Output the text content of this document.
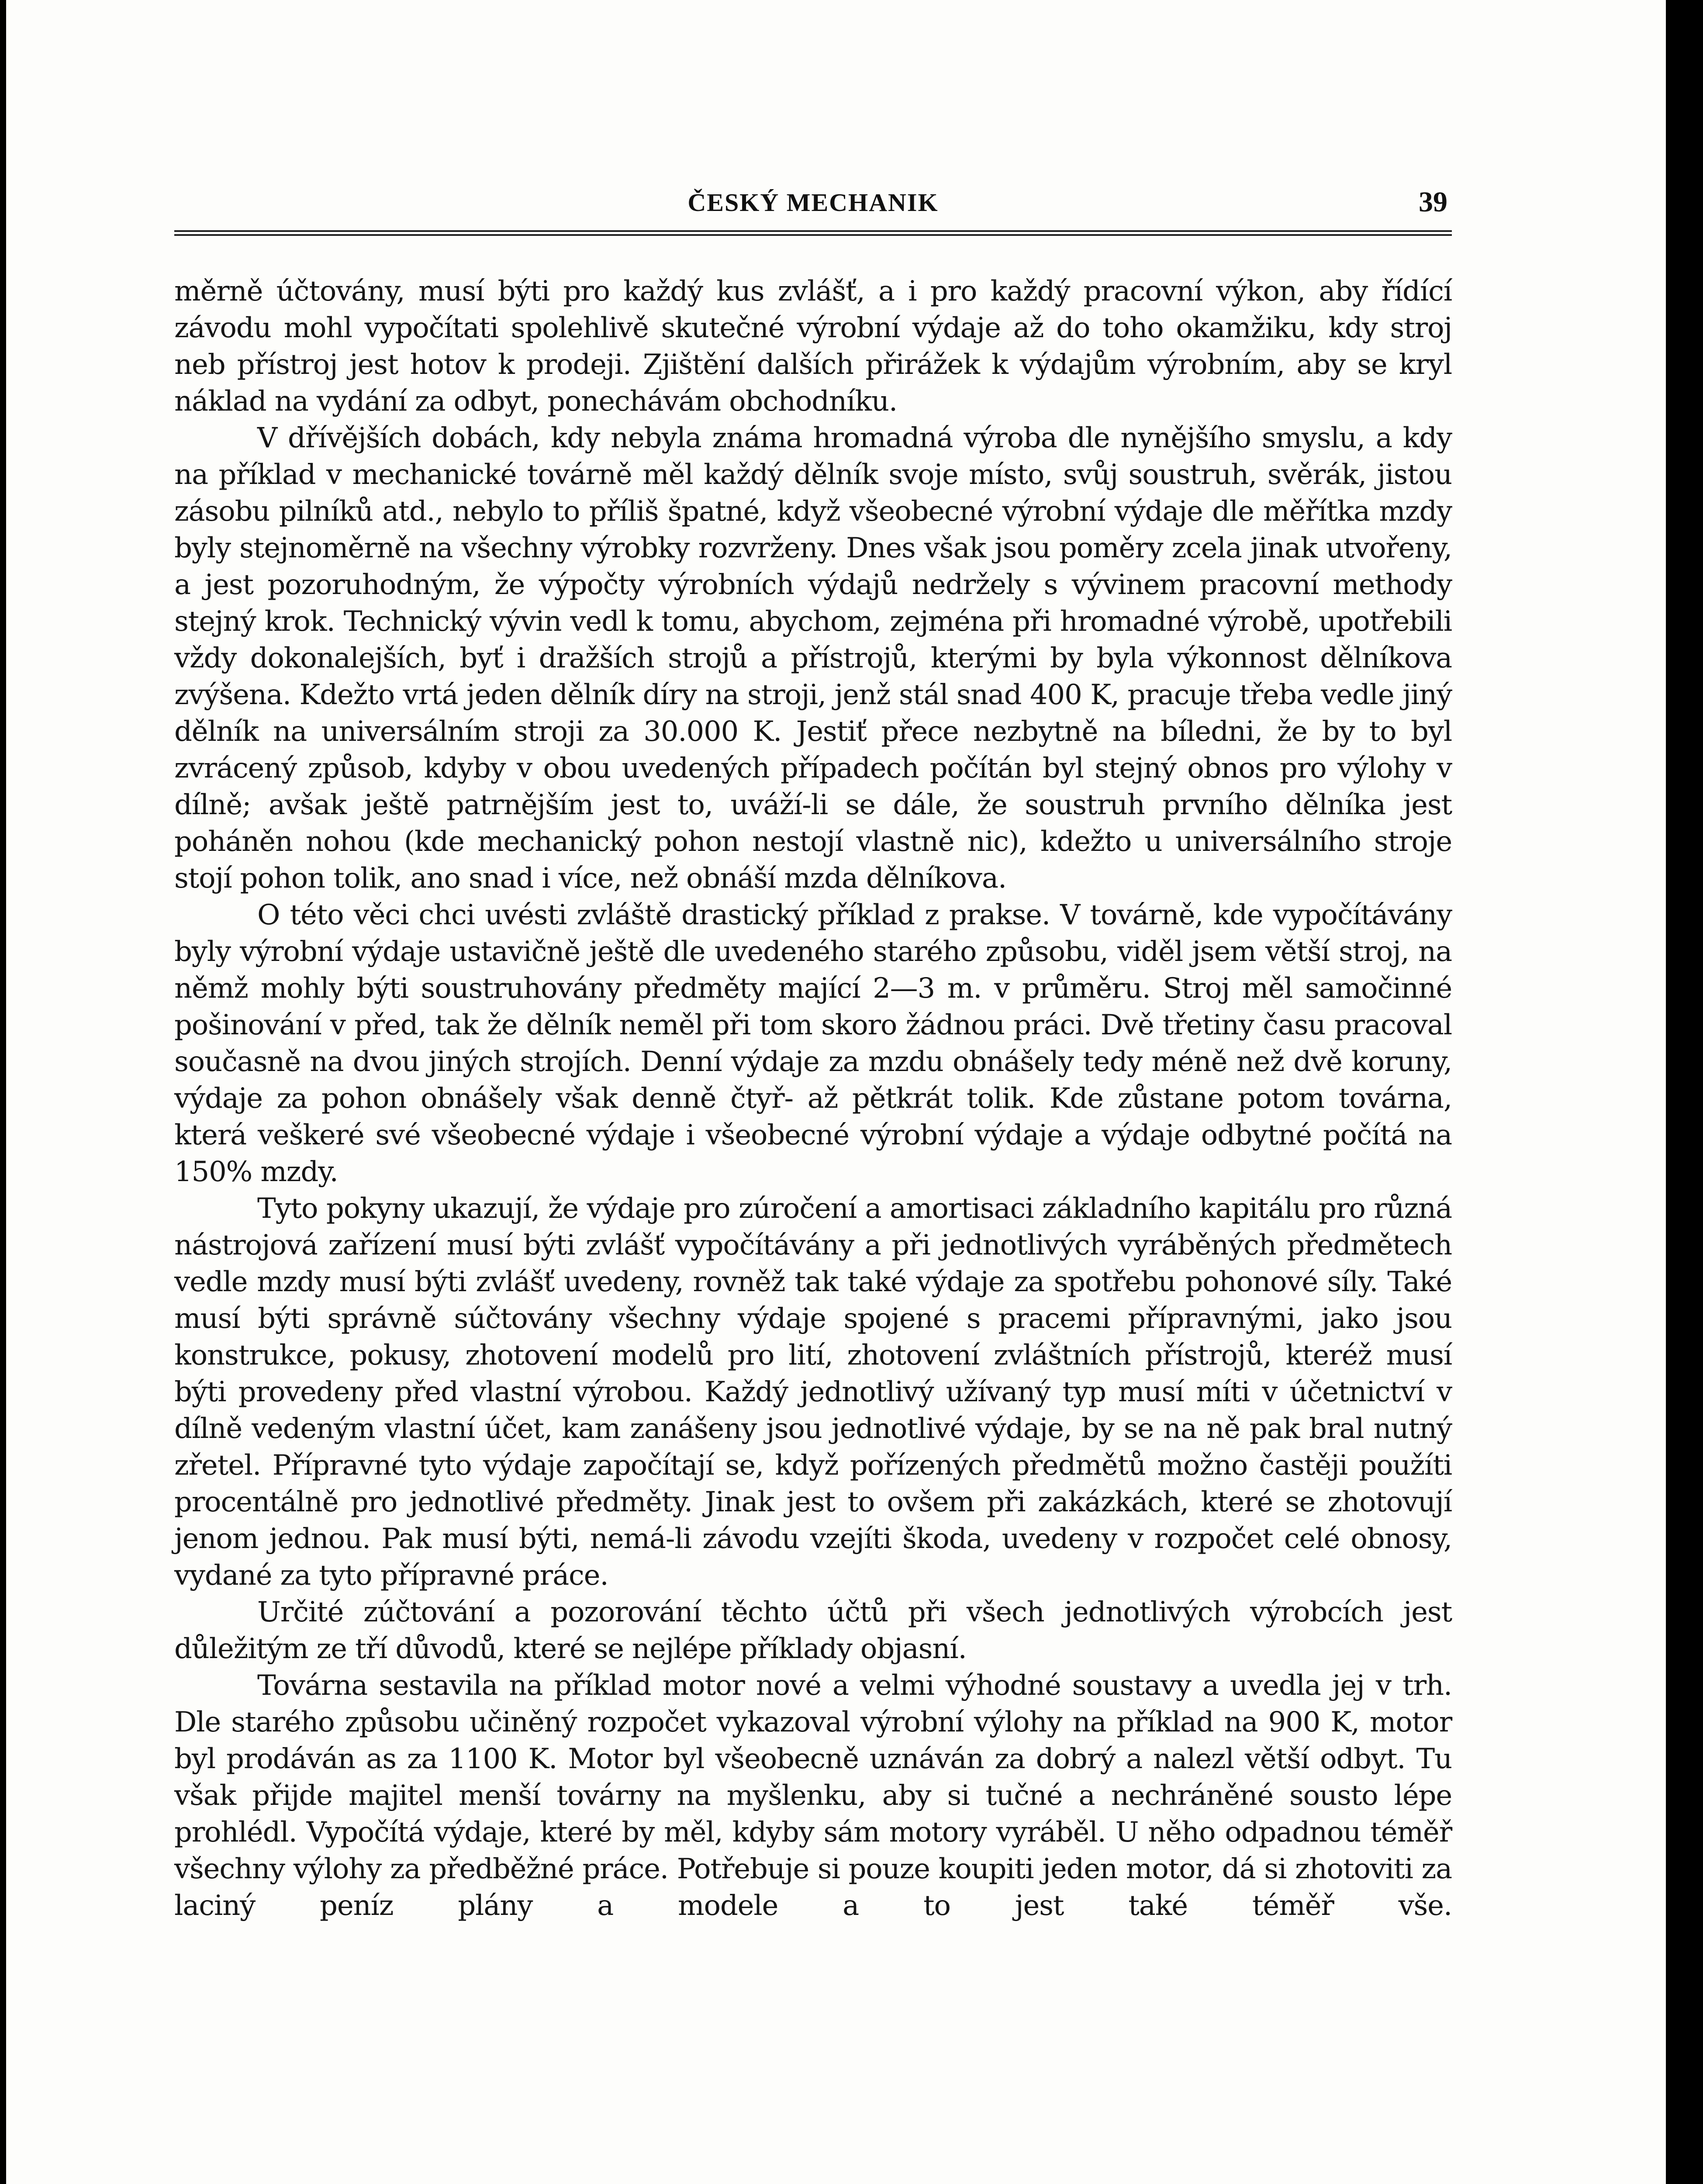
ČESKÝ MECHANIK	39

měrně účtovány, musí býti pro každý kus zvlášť, a i pro každý pracovní výkon, aby řídící závodu mohl vypočítati spolehlivě skutečné výrobní výdaje až do toho okamžiku, kdy stroj neb přístroj jest hotov k prodeji. Zjištění dalších přirážek k výdajům výrobním, aby se kryl náklad na vydání za odbyt, ponechávám obchodníku.

V dřívějších dobách, kdy nebyla známa hromadná výroba dle nynějšího smyslu, a kdy na příklad v mechanické továrně měl každý dělník svoje místo, svůj soustruh, svěrák, jistou zásobu pilníků atd., nebylo to příliš špatné, když všeobecné výrobní výdaje dle měřítka mzdy byly stejnoměrně na všechny výrobky rozvrženy. Dnes však jsou poměry zcela jinak utvořeny, a jest pozoruhodným, že výpočty výrobních výdajů nedržely s vývinem pracovní methody stejný krok. Technický vývin vedl k tomu, abychom, zejména při hromadné výrobě, upotřebili vždy dokonalejších, byť i dražších strojů a přístrojů, kterými by byla výkonnost dělníkova zvýšena. Kdežto vrtá jeden dělník díry na stroji, jenž stál snad 400 K, pracuje třeba vedle jiný dělník na universálním stroji za 30.000 K. Jestiť přece nezbytně na bíledni, že by to byl zvrácený způsob, kdyby v obou uvedených případech počítán byl stejný obnos pro výlohy v dílně; avšak ještě patrnějším jest to, uváží-li se dále, že soustruh prvního dělníka jest poháněn nohou (kde mechanický pohon nestojí vlastně nic), kdežto u universálního stroje stojí pohon tolik, ano snad i více, než obnáší mzda dělníkova.

O této věci chci uvésti zvláště drastický příklad z prakse. V továrně, kde vypočítávány byly výrobní výdaje ustavičně ještě dle uvedeného starého způsobu, viděl jsem větší stroj, na němž mohly býti soustruhovány předměty mající 2—3 m. v průměru. Stroj měl samočinné pošinování v před, tak že dělník neměl při tom skoro žádnou práci. Dvě třetiny času pracoval současně na dvou jiných strojích. Denní výdaje za mzdu obnášely tedy méně než dvě koruny, výdaje za pohon obnášely však denně čtyř- až pětkrát tolik. Kde zůstane potom továrna, která veškeré své všeobecné výdaje i všeobecné výrobní výdaje a výdaje odbytné počítá na 150% mzdy.

Tyto pokyny ukazují, že výdaje pro zúročení a amortisaci základního kapitálu pro různá nástrojová zařízení musí býti zvlášť vypočítávány a při jednotlivých vyráběných předmětech vedle mzdy musí býti zvlášť uvedeny, rovněž tak také výdaje za spotřebu pohonové síly. Také musí býti správně súčtovány všechny výdaje spojené s pracemi přípravnými, jako jsou konstrukce, pokusy, zhotovení modelů pro lití, zhotovení zvláštních přístrojů, kteréž musí býti provedeny před vlastní výrobou. Každý jednotlivý užívaný typ musí míti v účetnictví v dílně vedeným vlastní účet, kam zanášeny jsou jednotlivé výdaje, by se na ně pak bral nutný zřetel. Přípravné tyto výdaje započítají se, když pořízených předmětů možno častěji použíti procentálně pro jednotlivé předměty. Jinak jest to ovšem při zakázkách, které se zhotovují jenom jednou. Pak musí býti, nemá-li závodu vzejíti škoda, uvedeny v rozpočet celé obnosy, vydané za tyto přípravné práce.

Určité zúčtování a pozorování těchto účtů při všech jednotlivých výrobcích jest důležitým ze tří důvodů, které se nejlépe příklady objasní.

Továrna sestavila na příklad motor nové a velmi výhodné soustavy a uvedla jej v trh. Dle starého způsobu učiněný rozpočet vykazoval výrobní výlohy na příklad na 900 K, motor byl prodáván as za 1100 K. Motor byl všeobecně uznáván za dobrý a nalezl větší odbyt. Tu však přijde majitel menší továrny na myšlenku, aby si tučné a nechráněné sousto lépe prohlédl. Vypočítá výdaje, které by měl, kdyby sám motory vyráběl. U něho odpadnou téměř všechny výlohy za předběžné práce. Potřebuje si pouze koupiti jeden motor, dá si zhotoviti za laciný peníz plány a modele a to jest také téměř vše.
